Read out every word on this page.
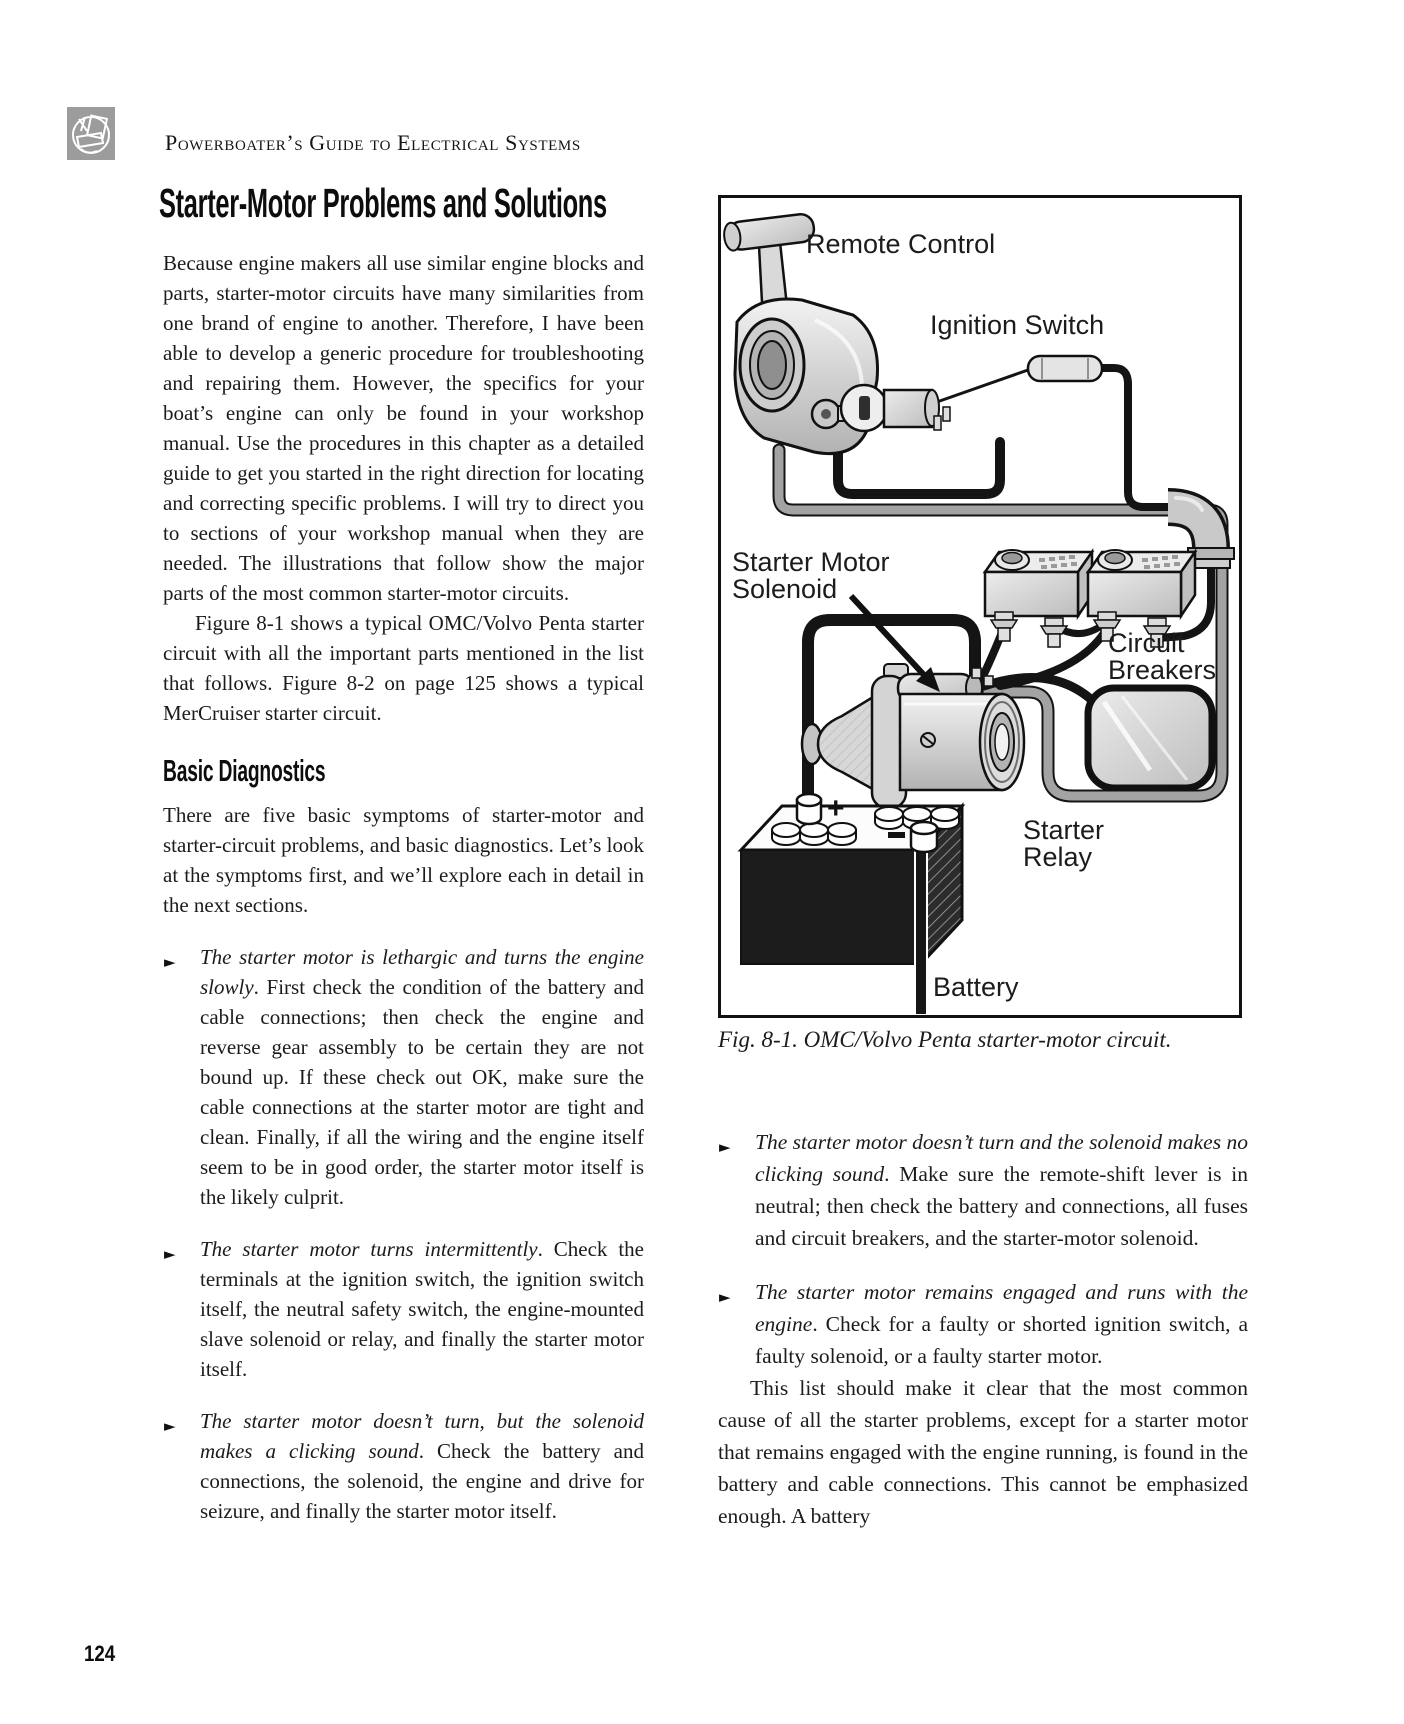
Powerboater’s Guide to Electrical Systems
Starter-Motor Problems and Solutions

Because engine makers all use similar engine blocks and parts, starter-motor circuits have many similarities from one brand of engine to another. Therefore, I have been able to develop a generic procedure for troubleshooting and repairing them. However, the specifics for your boat’s engine can only be found in your workshop manual. Use the procedures in this chapter as a detailed guide to get you started in the right direction for locating and correcting specific problems. I will try to direct you to sections of your workshop manual when they are needed. The illustrations that follow show the major parts of the most common starter-motor circuits.

Figure 8-1 shows a typical OMC/Volvo Penta starter circuit with all the important parts mentioned in the list that follows. Figure 8-2 on page 125 shows a typical MerCruiser starter circuit.

Basic Diagnostics

There are five basic symptoms of starter-motor and starter-circuit problems, and basic diagnostics. Let’s look at the symptoms first, and we’ll explore each in detail in the next sections.

► The starter motor is lethargic and turns the engine slowly. First check the condition of the battery and cable connections; then check the engine and reverse gear assembly to be certain they are not bound up. If these check out OK, make sure the cable connections at the starter motor are tight and clean. Finally, if all the wiring and the engine itself seem to be in good order, the starter motor itself is the likely culprit.
► The starter motor turns intermittently. Check the terminals at the ignition switch, the ignition switch itself, the neutral safety switch, the engine-mounted slave solenoid or relay, and finally the starter motor itself.
► The starter motor doesn’t turn, but the solenoid makes a clicking sound. Check the battery and connections, the solenoid, the engine and drive for seizure, and finally the starter motor itself.
+
Remote Control
Ignition Switch
Starter Motor
Solenoid
Circuit
Breakers
Starter
Relay
Battery

Fig. 8-1. OMC/Volvo Penta starter-motor circuit.

► The starter motor doesn’t turn and the solenoid makes no clicking sound. Make sure the remote-shift lever is in neutral; then check the battery and connections, all fuses and circuit breakers, and the starter-motor solenoid.
► The starter motor remains engaged and runs with the engine. Check for a faulty or shorted ignition switch, a faulty solenoid, or a faulty starter motor.

This list should make it clear that the most common cause of all the starter problems, except for a starter motor that remains engaged with the engine running, is found in the battery and cable connections. This cannot be emphasized enough. A battery

124
